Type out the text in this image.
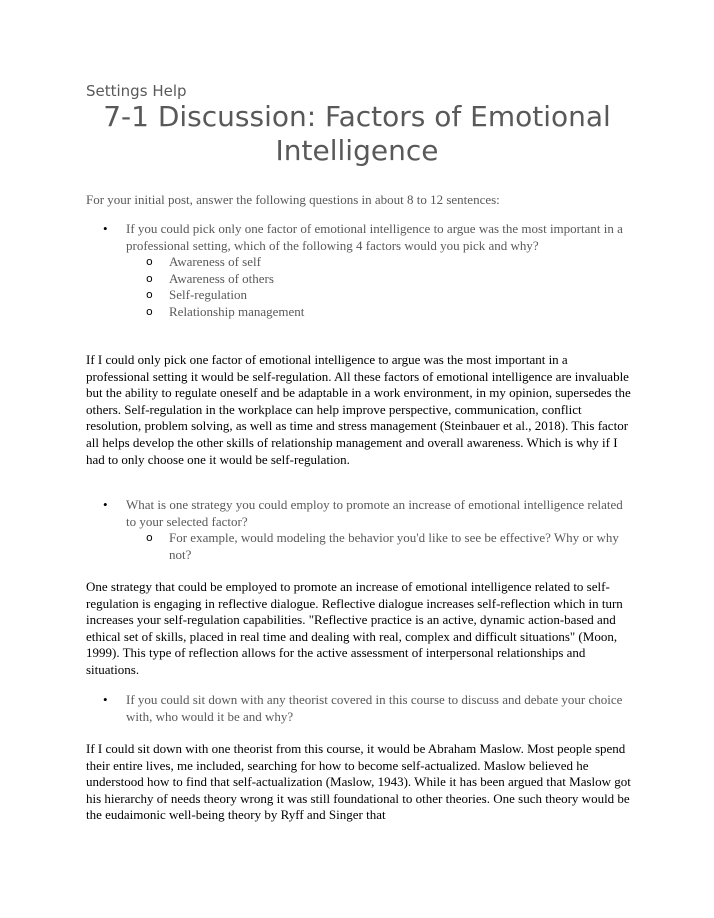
Settings Help
7-1 Discussion: Factors of Emotional Intelligence
For your initial post, answer the following questions in about 8 to 12 sentences:
• If you could pick only one factor of emotional intelligence to argue was the most important in a professional setting, which of the following 4 factors would you pick and why?
o Awareness of self
o Awareness of others
o Self-regulation
o Relationship management
If I could only pick one factor of emotional intelligence to argue was the most important in a professional setting it would be self-regulation. All these factors of emotional intelligence are invaluable but the ability to regulate oneself and be adaptable in a work environment, in my opinion, supersedes the others. Self-regulation in the workplace can help improve perspective, communication, conflict resolution, problem solving, as well as time and stress management (Steinbauer et al., 2018). This factor all helps develop the other skills of relationship management and overall awareness. Which is why if I had to only choose one it would be self-regulation.
• What is one strategy you could employ to promote an increase of emotional intelligence related to your selected factor?
o For example, would modeling the behavior you'd like to see be effective? Why or why not?
One strategy that could be employed to promote an increase of emotional intelligence related to self-regulation is engaging in reflective dialogue. Reflective dialogue increases self-reflection which in turn increases your self-regulation capabilities. "Reflective practice is an active, dynamic action-based and ethical set of skills, placed in real time and dealing with real, complex and difficult situations" (Moon, 1999). This type of reflection allows for the active assessment of interpersonal relationships and situations.
• If you could sit down with any theorist covered in this course to discuss and debate your choice with, who would it be and why?
If I could sit down with one theorist from this course, it would be Abraham Maslow. Most people spend their entire lives, me included, searching for how to become self-actualized. Maslow believed he understood how to find that self-actualization (Maslow, 1943). While it has been argued that Maslow got his hierarchy of needs theory wrong it was still foundational to other theories. One such theory would be the eudaimonic well-being theory by Ryff and Singer that
